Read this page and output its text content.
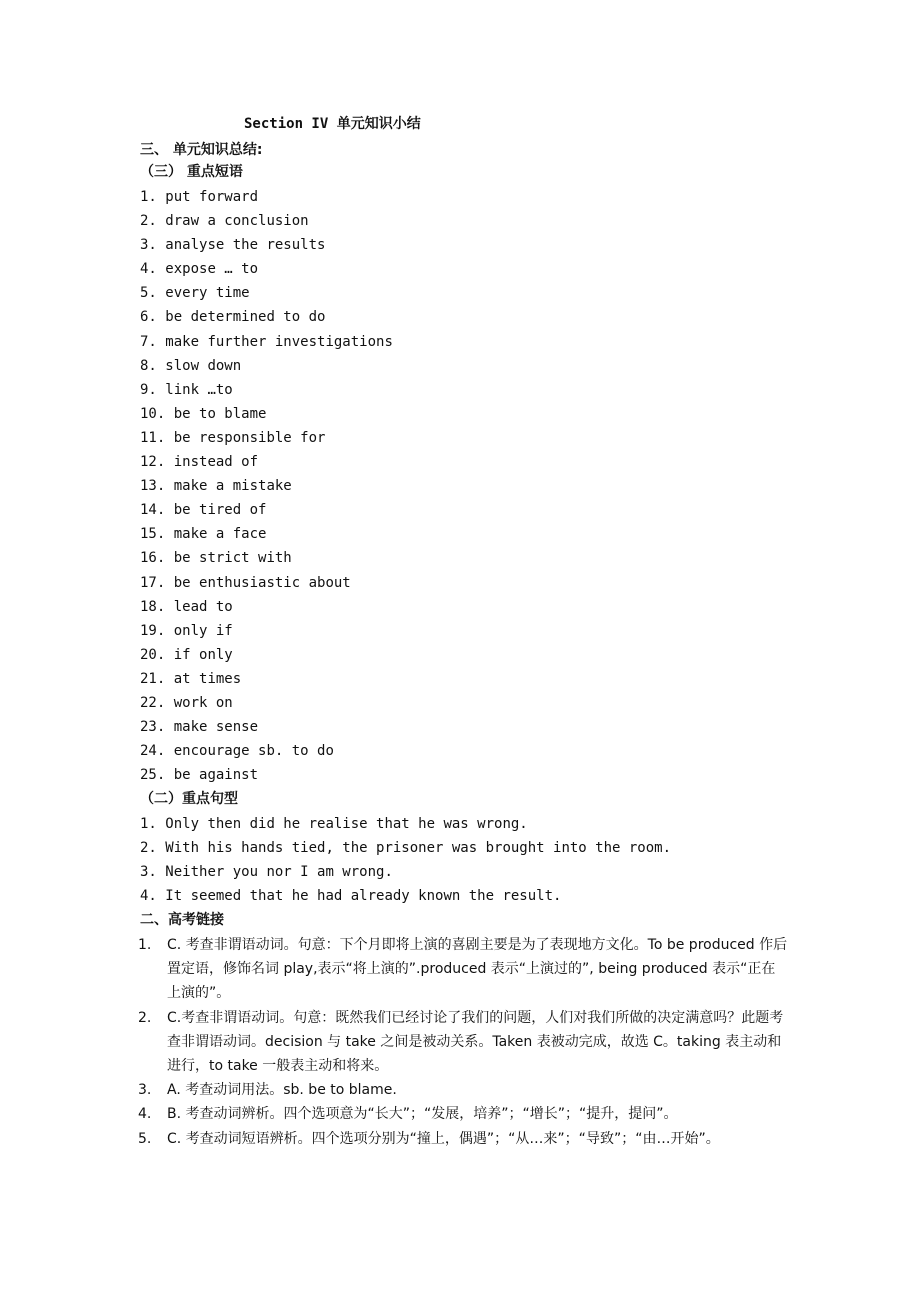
Section IV 单元知识小结
三、 单元知识总结:
（三） 重点短语
1. put forward
2. draw a conclusion
3. analyse the results
4. expose … to
5. every time
6. be determined to do
7. make further investigations
8. slow down
9. link …to
10. be to blame
11. be responsible for
12. instead of
13. make a mistake
14. be tired of
15. make a face
16. be strict with
17. be enthusiastic about
18. lead to
19. only if
20. if only
21. at times
22. work on
23. make sense
24. encourage sb. to do
25. be against
（二）重点句型
1. Only then did he realise that he was wrong.
2. With his hands tied, the prisoner was brought into the room.
3. Neither you nor I am wrong.
4. It seemed that he had already known the result.
二、高考链接
1. C. 考查非谓语动词。句意：下个月即将上演的喜剧主要是为了表现地方文化。To be produced 作后置定语，修饰名词 play,表示“将上演的”.produced 表示“上演过的”, being produced 表示“正在上演的”。
2. C.考查非谓语动词。句意：既然我们已经讨论了我们的问题，人们对我们所做的决定满意吗？此题考查非谓语动词。decision 与 take 之间是被动关系。Taken 表被动完成，故选 C。taking 表主动和进行，to take 一般表主动和将来。
3. A. 考查动词用法。sb. be to blame.
4. B. 考查动词辨析。四个选项意为“长大”；“发展，培养”；“增长”；“提升，提问”。
5. C. 考查动词短语辨析。四个选项分别为“撞上，偶遇”；“从…来”；“导致”；“由…开始”。
